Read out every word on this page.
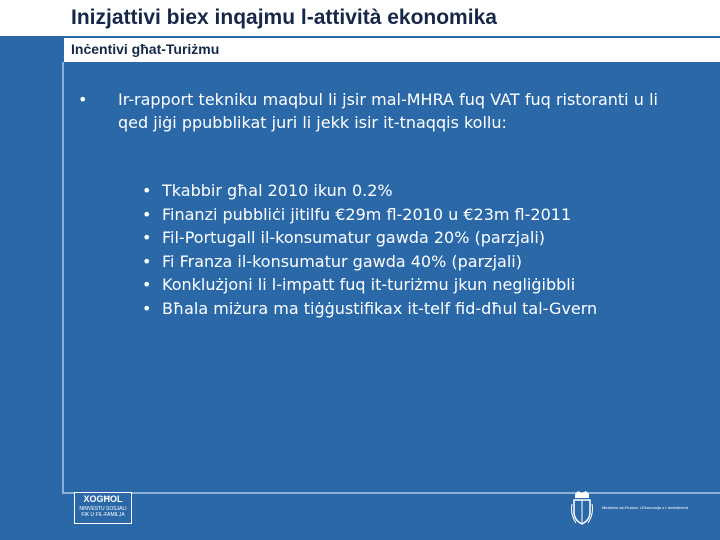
Inizjattivi biex inqajmu l-attività ekonomika
Inċentivi għat-Turiżmu
• Ir-rapport tekniku maqbul li jsir mal-MHRA fuq VAT fuq ristoranti u li qed jiġi ppubblikat juri li jekk isir it-tnaqqis kollu:
• Tkabbir għal 2010 ikun 0.2%
• Finanzi pubbliċi jitilfu €29m fl-2010 u €23m fl-2011
• Fil-Portugall il-konsumatur gawda 20% (parzjali)
• Fi Franza il-konsumatur gawda 40% (parzjali)
• Konklużjoni li l-impatt fuq it-turiżmu jkun negliġibbli
• Bħala miżura ma tiġġustifikax it-telf fid-dħul tal-Gvern
XOGĦOL
NINVESTU SOSJALI
FIK U FIL-FAMILJA
Ministeru tal-Finanzi, l-Ekonomija u l-Investiment
